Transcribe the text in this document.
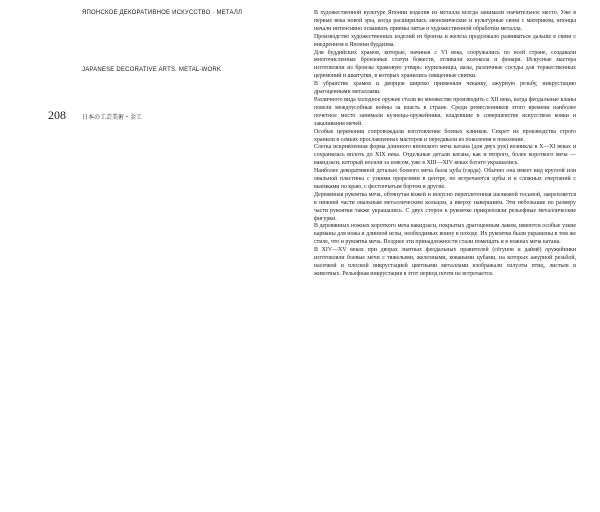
ЯПОНСКОЕ ДЕКОРАТИВНОЕ ИСКУССТВО · МЕТАЛЛ
JAPANESE DECORATIVE ARTS. METAL-WORK
208	日本の工芸美術・金工

В художественной культуре Японии изделия из металла всегда занимали значительное место. Уже в первые века новой эры, когда расширились экономические и культурные связи с материком, японцы начали интенсивно осваивать приемы литья и художественной обработки металла.

Производство художественных изделий из бронзы и железа продолжало развиваться дальше в связи с внедрением в Японии буддизма.

Для буддийских храмов, которые, начиная с VI века, сооружались по всей стране, создавали многочисленные бронзовые статуи божеств, отливали колокола и фонари. Искусные мастера изготовляли из бронзы храмовую утварь: курильницы, вазы, различные сосуды для торжественных церемоний и шкатулки, в которых хранились священные свитки.

В убранстве храмов и дворцов широко применяли чеканку, ажурную резьбу, инкрустацию драгоценными металлами.

Различного вида холодное оружие стали во множестве производить с XII века, когда феодальные кланы повели междоусобные войны за власть в стране. Среди ремесленников этого времени наиболее почетное место занимали кузнецы-оружейники, владевшие в совершенстве искусством ковки и закаливания мечей.

Особые церемонии сопровождали изготовление боевых клинков. Секрет их производства строго хранили в семьях прославленных мастеров и передавали из поколения в поколение.

Слегка искривленная форма длинного японского меча катана (для двух рук) возникла в X—XI веках и сохранялась вплоть до XIX века. Отдельные детали катана, как и второго, более короткого меча — вакидзаси, который носили за поясом, уже в XIII—XIV веках богато украшались.

Наиболее декоративной деталью боевого меча была цуба (гарда). Обычно она имеет вид круглой или овальной пластины с узкими прорезями в центре, но встречаются цубы и в сложных очертаний с выемками по краю, с фестончатым бортом и другие.

Деревянная рукоятка меча, обтянутая кожей и искусно переплетенная шелковой тесьмой, закрепляется в нижней части овальным металлическим кольцом, а вверху навершием. Эти небольшие по размеру части рукоятки также украшались. С двух сторон к рукоятке прикрепляли рельефные металлические фигурки.

В деревянных ножнах короткого меча вакидзаси, покрытых драгоценным лаком, имеются особые узкие карманы для ножа и длинной иглы, необходимых воину в походе. Их рукоятки были украшены в том же стиле, что и рукоятка меча. Позднее эти принадлежности стали помещать и в ножнах меча катана.

В XIV—XV веках при дворах знатных феодальных правителей (сёгунов и даймё) оружейники изготовляли боевые мечи с тяжелыми, железными, коваными цубами, на которых ажурной резьбой, насечкой и плоской инкрустацией цветными металлами изображали силуэты птиц, листьев и животных. Рельефная инкрустация в этот период почти не встречается.
